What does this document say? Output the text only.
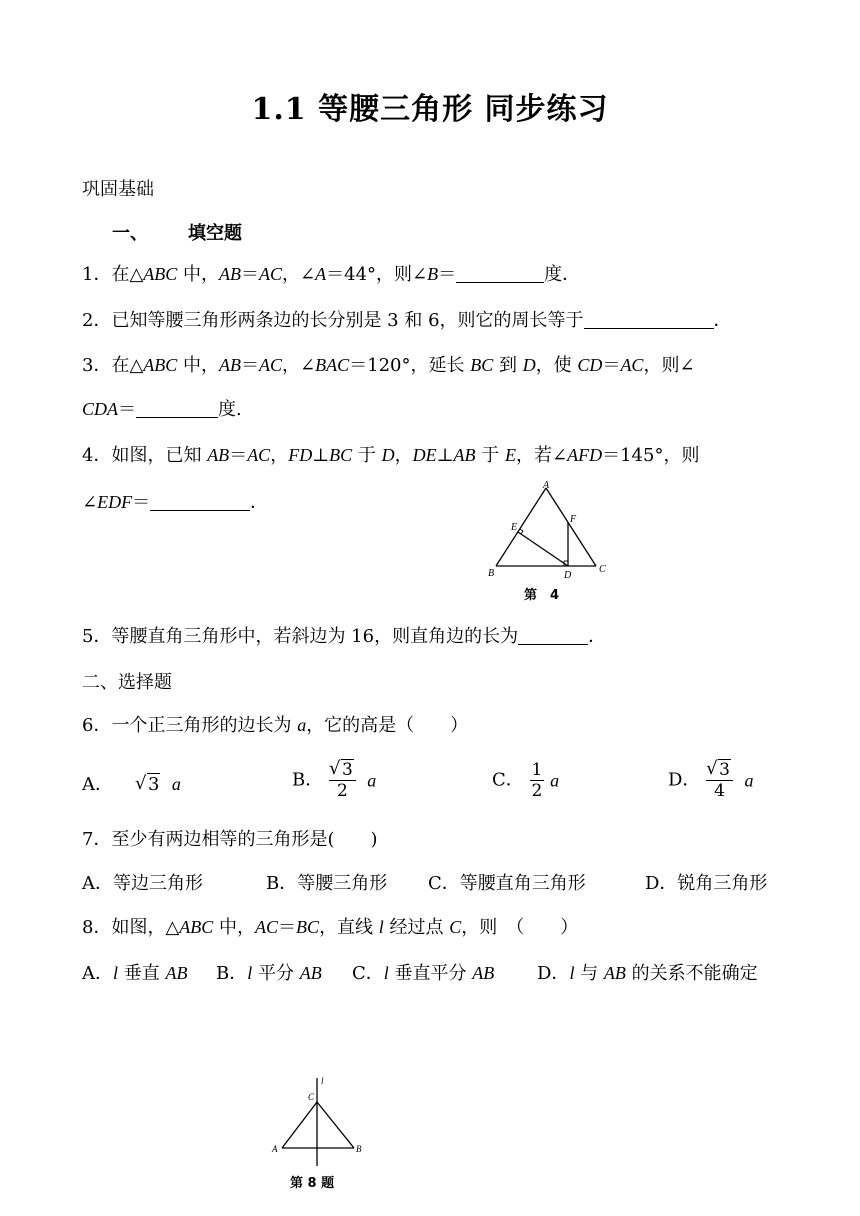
1.1 等腰三角形 同步练习
巩固基础
一、 填空题
1．在△ABC 中，AB＝AC，∠A＝44°，则∠B＝	度．
2．已知等腰三角形两条边的长分别是 3 和 6，则它的周长等于	．
3．在△ABC 中，AB＝AC，∠BAC＝120°，延长 BC 到 D，使 CD＝AC，则∠
CDA＝	度.
4．如图，已知 AB＝AC，FD⊥BC 于 D，DE⊥AB 于 E，若∠AFD＝145°，则
∠EDF＝	．
A
B	C
D
E
F
第　4
5．等腰直角三角形中，若斜边为 16，则直角边的长为	．
二、选择题
6．一个正三角形的边长为 a，它的高是（　　）
A． √ 3 a	B． √ $\frac{3}{2}$ a	C． $\frac{1}{2}$ a	D． √ $\frac{3}{4}$ a
7．至少有两边相等的三角形是(　　)
A．等边三角形	B．等腰三角形 C．等腰直角三角形	D．锐角三角形
8．如图，△ABC 中，AC＝BC，直线 l 经过点 C，则　（　　）
A．l 垂直 AB B．l 平分 AB C．l 垂直平分 AB D．l 与 AB 的关系不能确定
l
C
A	B
第 8 题
